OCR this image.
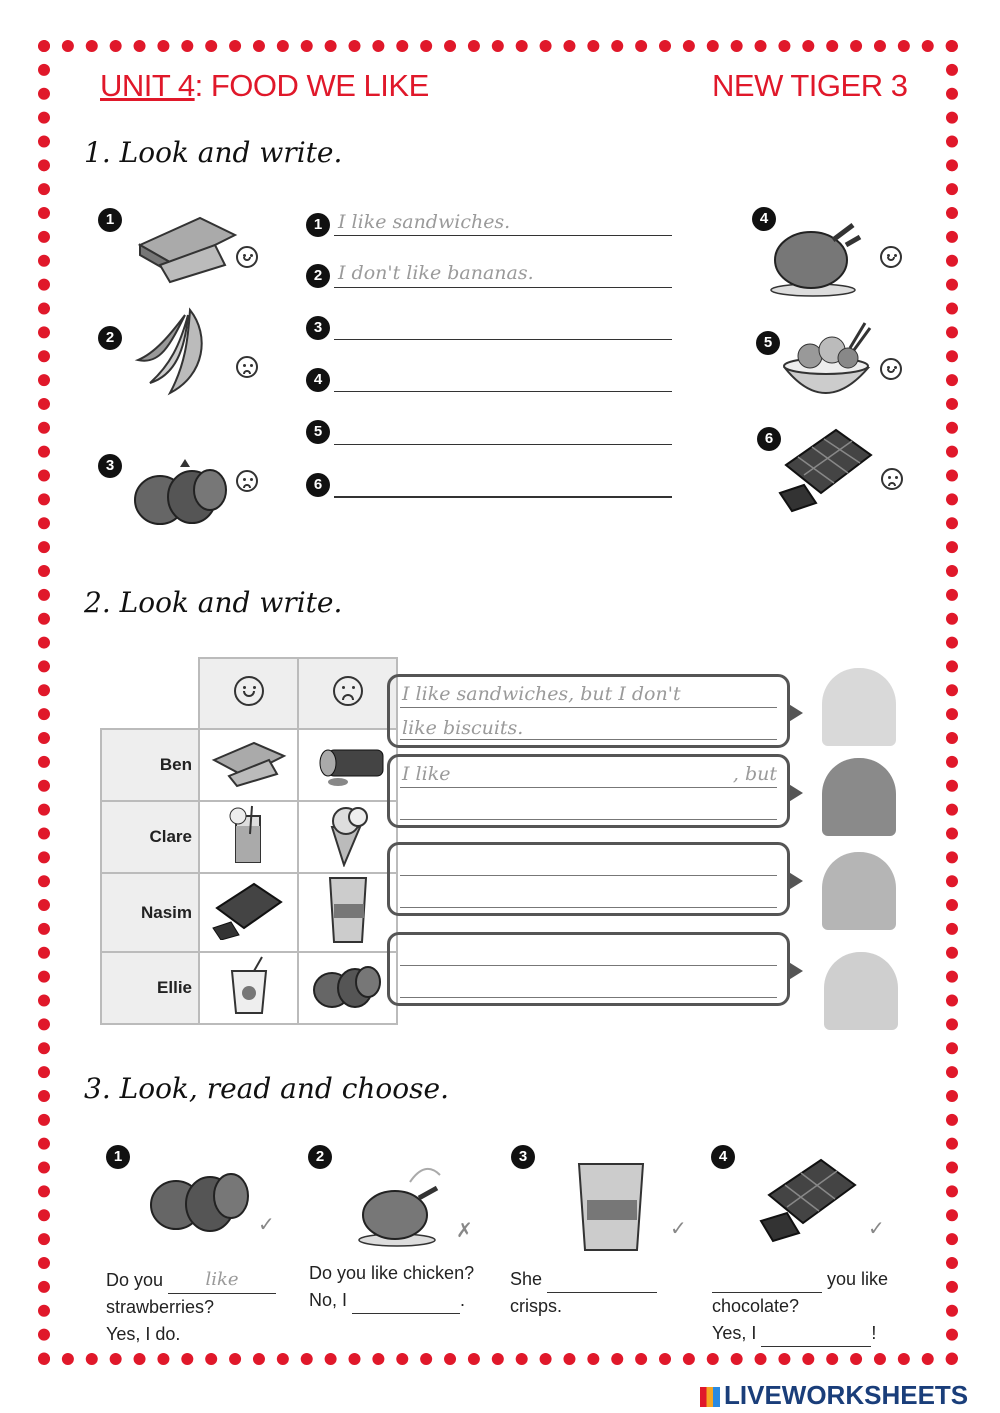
UNIT 4: FOOD WE LIKE	NEW TIGER 3
1. Look and write.
1
2
3
1 I like sandwiches.
2 I don't like bananas.
3
4
5
6
4
5
6
2. Look and write.

Ben		
Clare		
Nasim		
Ellie		
I like sandwiches, but I don't
like biscuits.
I like	, but
3. Look, read and choose.
1
✓
2
✗
3
✓
4
✓
Do you like
strawberries?
Yes, I do.
Do you like chicken?
No, I	.
She
crisps.
you like
chocolate?
Yes, I	!
LIVEWORKSHEETS
